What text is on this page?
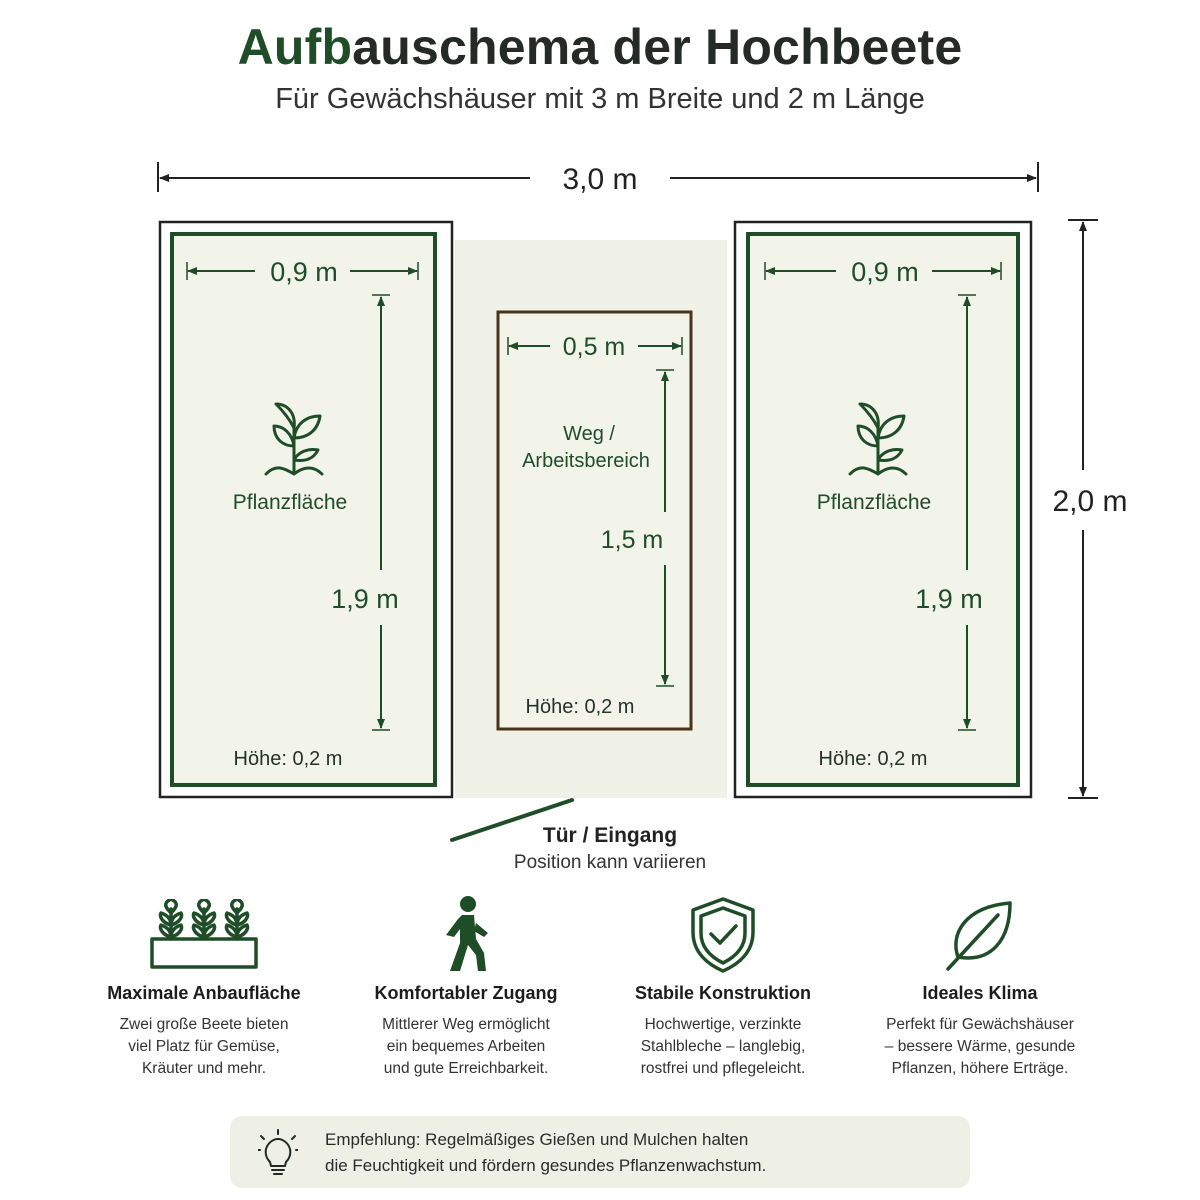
Aufbauschema der Hochbeete
Für Gewächshäuser mit 3 m Breite und 2 m Länge
3,0 m
2,0 m
0,9 m
1,9 m
Pflanzfläche
Höhe: 0,2 m
0,5 m
1,5 m
Weg /
Arbeitsbereich
Höhe: 0,2 m
0,9 m
1,9 m
Pflanzfläche
Höhe: 0,2 m
Tür / Eingang
Position kann variieren
Maximale Anbaufläche
Zwei große Beete bieten
viel Platz für Gemüse,
Kräuter und mehr.
Komfortabler Zugang
Mittlerer Weg ermöglicht
ein bequemes Arbeiten
und gute Erreichbarkeit.
Stabile Konstruktion
Hochwertige, verzinkte
Stahlbleche – langlebig,
rostfrei und pflegeleicht.
Ideales Klima
Perfekt für Gewächshäuser
– bessere Wärme, gesunde
Pflanzen, höhere Erträge.
Empfehlung: Regelmäßiges Gießen und Mulchen halten
die Feuchtigkeit und fördern gesundes Pflanzenwachstum.
